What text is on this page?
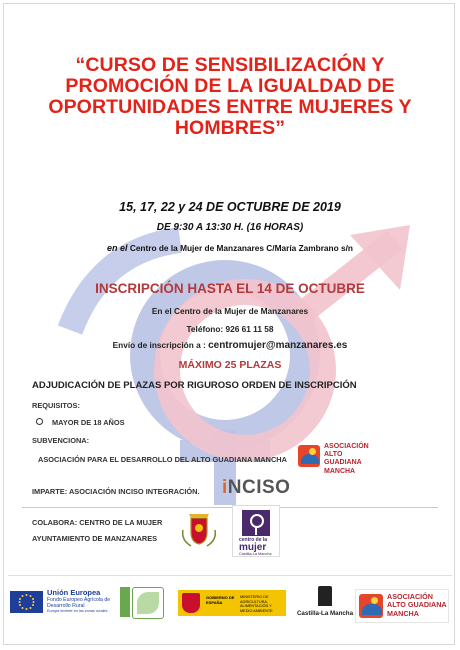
“CURSO DE SENSIBILIZACIÓN Y PROMOCIÓN DE LA IGUALDAD DE OPORTUNIDADES ENTRE MUJERES Y HOMBRES”
15, 17, 22 y 24 DE OCTUBRE DE 2019
DE 9:30 A 13:30 H. (16 HORAS)
en el Centro de la Mujer de Manzanares C/María Zambrano s/n
INSCRIPCIÓN HASTA EL 14 DE OCTUBRE
En el Centro de la Mujer de Manzanares
Teléfono: 926 61 11 58
Envío de inscripción a : centromujer@manzanares.es
MÁXIMO 25 PLAZAS
ADJUDICACIÓN DE PLAZAS POR RIGUROSO ORDEN DE INSCRIPCIÓN
REQUISITOS:
MAYOR DE 18 AÑOS
SUBVENCIONA:
ASOCIACIÓN PARA EL DESARROLLO DEL ALTO GUADIANA MANCHA
ASOCIACIÓN
ALTO GUADIANA
MANCHA
IMPARTE: ASOCIACIÓN INCISO INTEGRACIÓN. iNCISO
COLABORA: CENTRO DE LA MUJER
AYUNTAMIENTO DE MANZANARES	centro de la
mujer
Castilla-La Mancha
Unión Europea
Fondo Europeo Agrícola de Desarrollo Rural
Europa invierte en las zonas rurales
GOBIERNO DE ESPAÑA
MINISTERIO DE AGRICULTURA, ALIMENTACIÓN Y MEDIO AMBIENTE	Castilla-La Mancha
ASOCIACIÓN
ALTO GUADIANA
MANCHA
